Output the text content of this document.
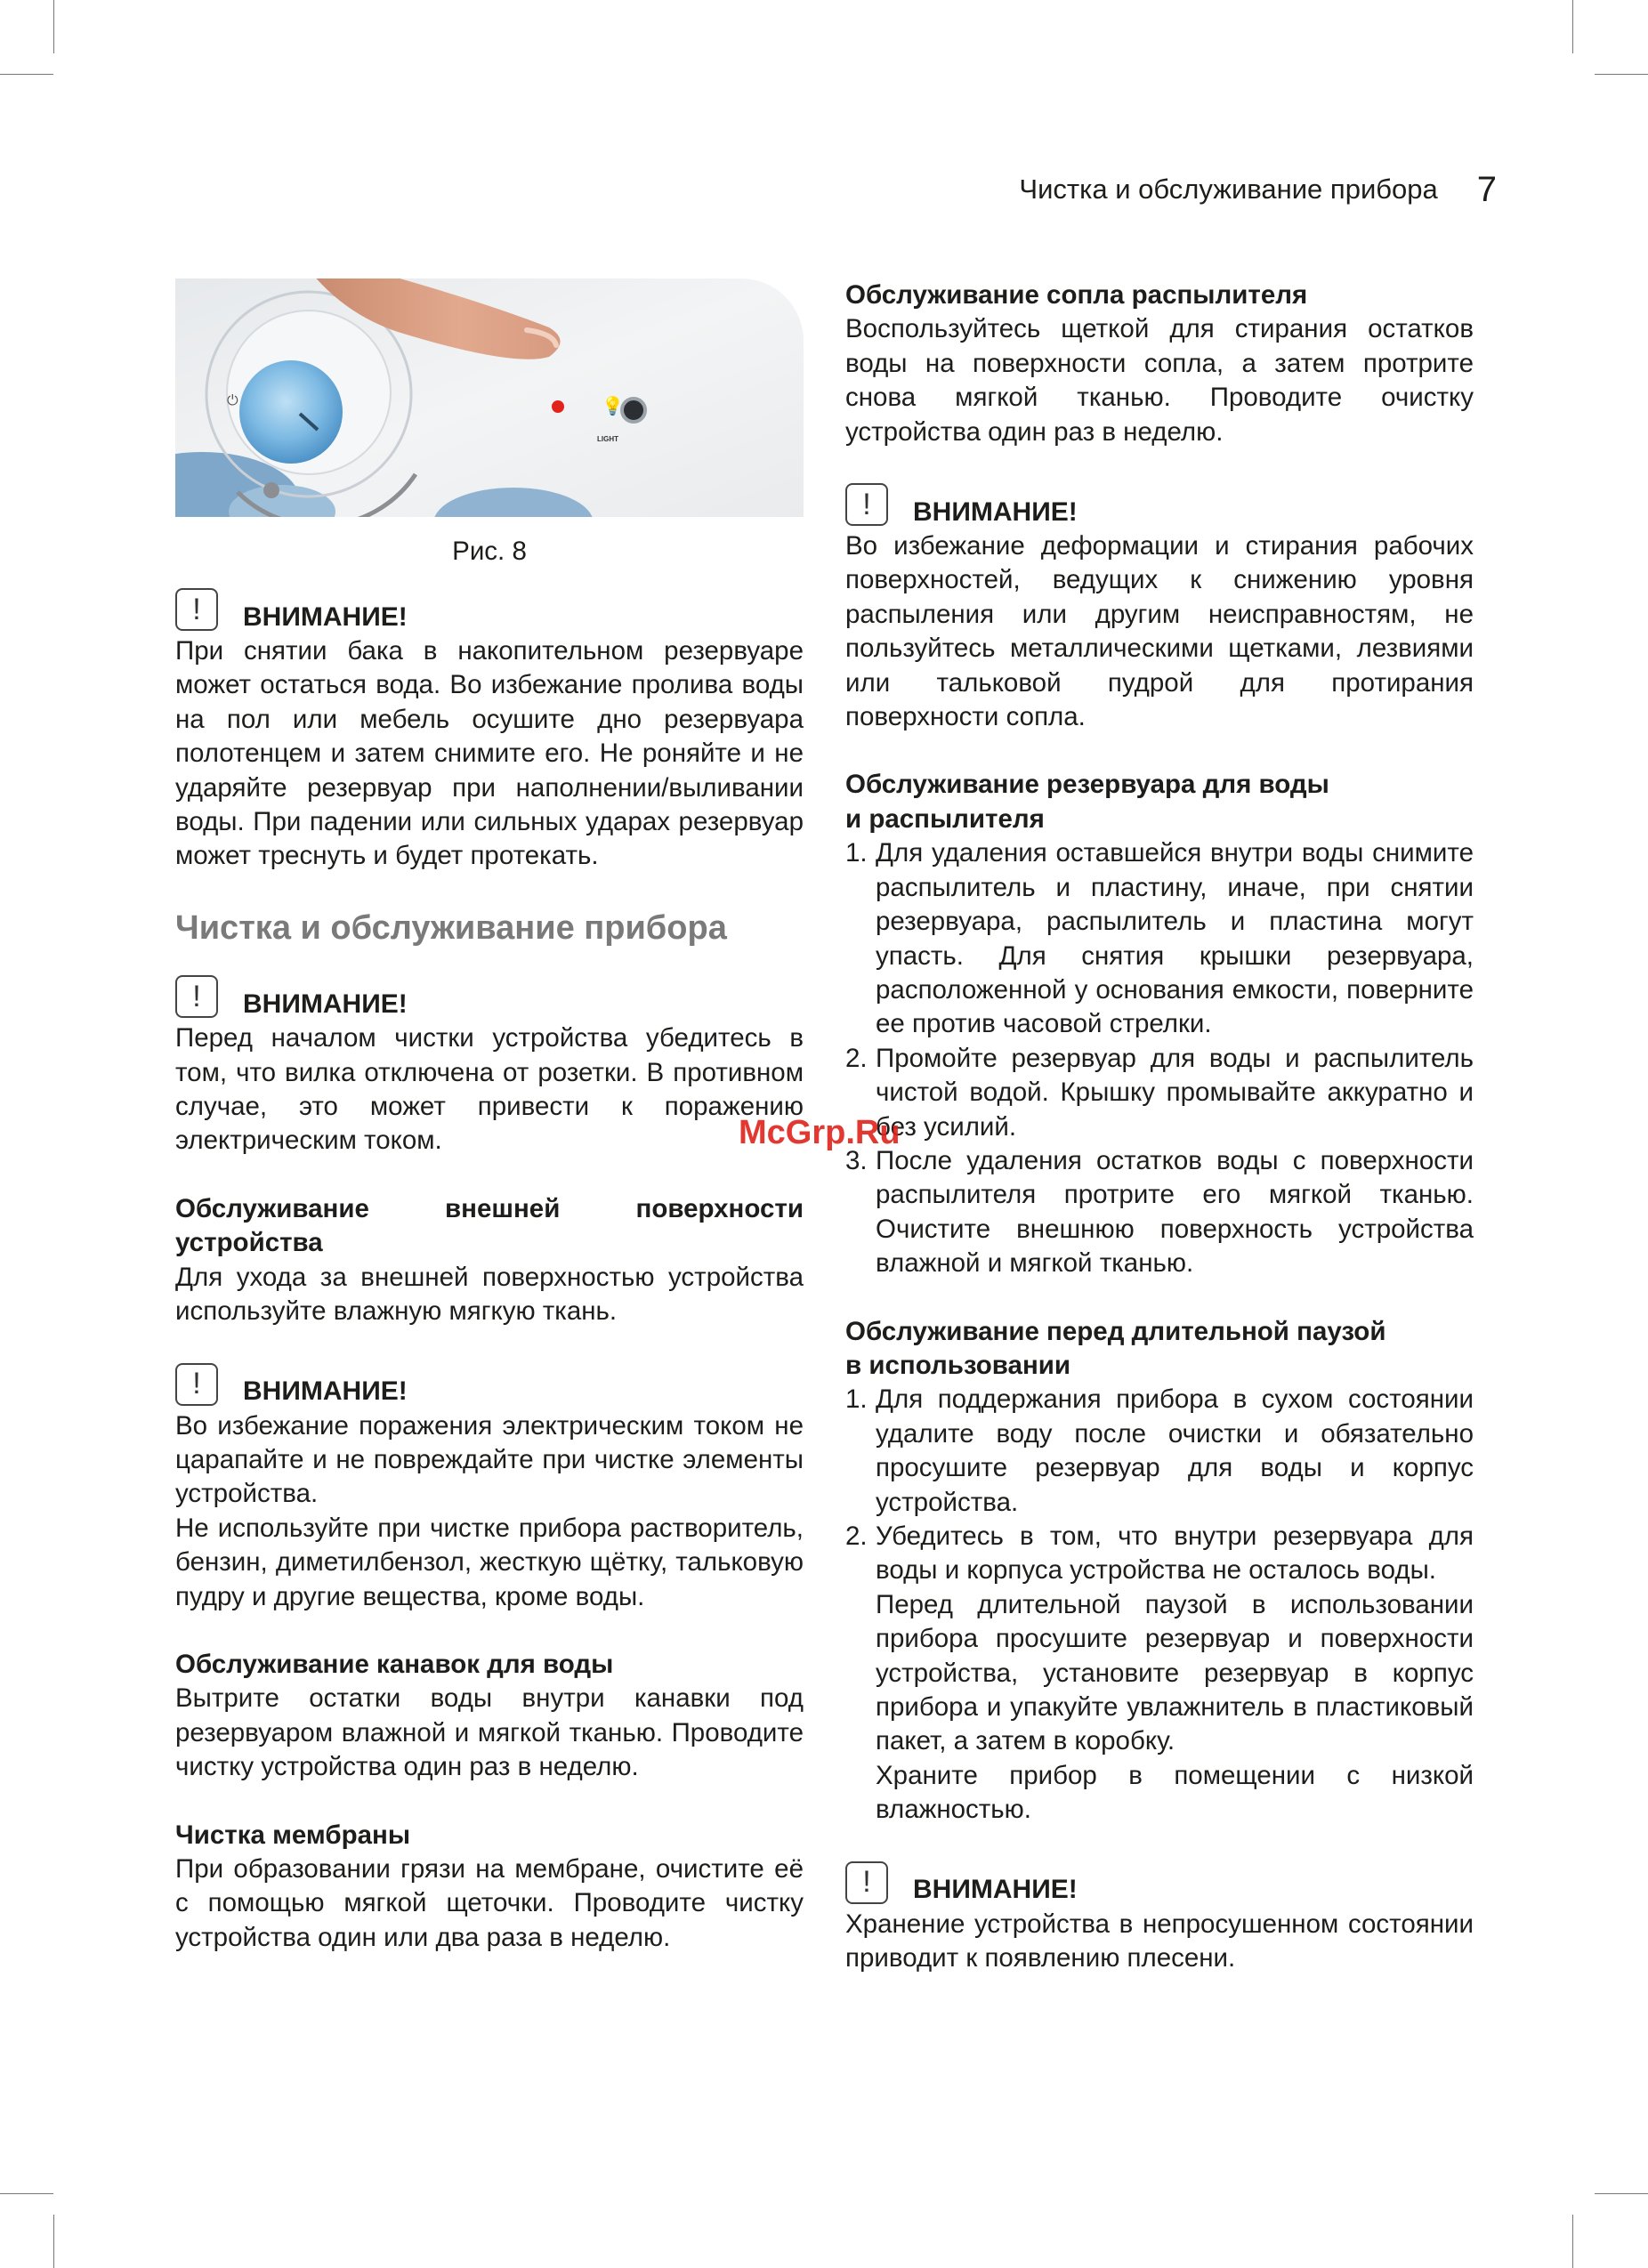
Чистка и обслуживание прибора 7
⏻	💡
LIGHT

Рис. 8

!	ВНИМАНИЕ!

При снятии бака в накопительном резервуаре может остаться вода. Во избежание пролива воды на пол или мебель осушите дно резервуара полотенцем и затем снимите его. Не роняйте и не ударяйте резервуар при наполнении/выливании воды. При падении или сильных ударах резервуар может треснуть и будет протекать.

Чистка и обслуживание прибора
!	ВНИМАНИЕ!

Перед началом чистки устройства убедитесь в том, что вилка отключена от розетки. В противном случае, это может привести к поражению электрическим током.

Обслуживание внешней поверхности

устройства

Для ухода за внешней поверхностью устройства используйте влажную мягкую ткань.

!	ВНИМАНИЕ!

Во избежание поражения электрическим током не царапайте и не повреждайте при чистке элементы устройства.

Не используйте при чистке прибора растворитель, бензин, диметилбензол, жесткую щётку, тальковую пудру и другие вещества, кроме воды.

Обслуживание канавок для воды

Вытрите остатки воды внутри канавки под резервуаром влажной и мягкой тканью. Проводите чистку устройства один раз в неделю.

Чистка мембраны

При образовании грязи на мембране, очистите её с помощью мягкой щеточки. Проводите чистку устройства один или два раза в неделю.

Обслуживание сопла распылителя

Воспользуйтесь щеткой для стирания остатков воды на поверхности сопла, а затем протрите снова мягкой тканью. Проводите очистку устройства один раз в неделю.

!	ВНИМАНИЕ!

Во избежание деформации и стирания рабочих поверхностей, ведущих к снижению уровня распыления или другим неисправностям, не пользуйтесь металлическими щетками, лезвиями или тальковой пудрой для протирания поверхности сопла.

Обслуживание резервуара для воды

и распылителя

1. Для удаления оставшейся внутри воды снимите распылитель и пластину, иначе, при снятии резервуара, распылитель и пластина могут упасть. Для снятия крышки резервуара, расположенной у основания емкости, поверните ее против часовой стрелки.
2. Промойте резервуар для воды и распылитель чистой водой. Крышку промывайте аккуратно и без усилий.
3. После удаления остатков воды с поверхности распылителя протрите его мягкой тканью. Очистите внешнюю поверхность устройства влажной и мягкой тканью.

Обслуживание перед длительной паузой

в использовании

1. Для поддержания прибора в сухом состоянии удалите воду после очистки и обязательно просушите резервуар для воды и корпус устройства.
2. Убедитесь в том, что внутри резервуара для воды и корпуса устройства не осталось воды.

Перед длительной паузой в использовании прибора просушите резервуар и поверхности устройства, установите резервуар в корпус прибора и упакуйте увлажнитель в пластиковый пакет, а затем в коробку.

Храните прибор в помещении с низкой влажностью.

!	ВНИМАНИЕ!

Хранение устройства в непросушенном состоянии приводит к появлению плесени.

McGrp.Ru
